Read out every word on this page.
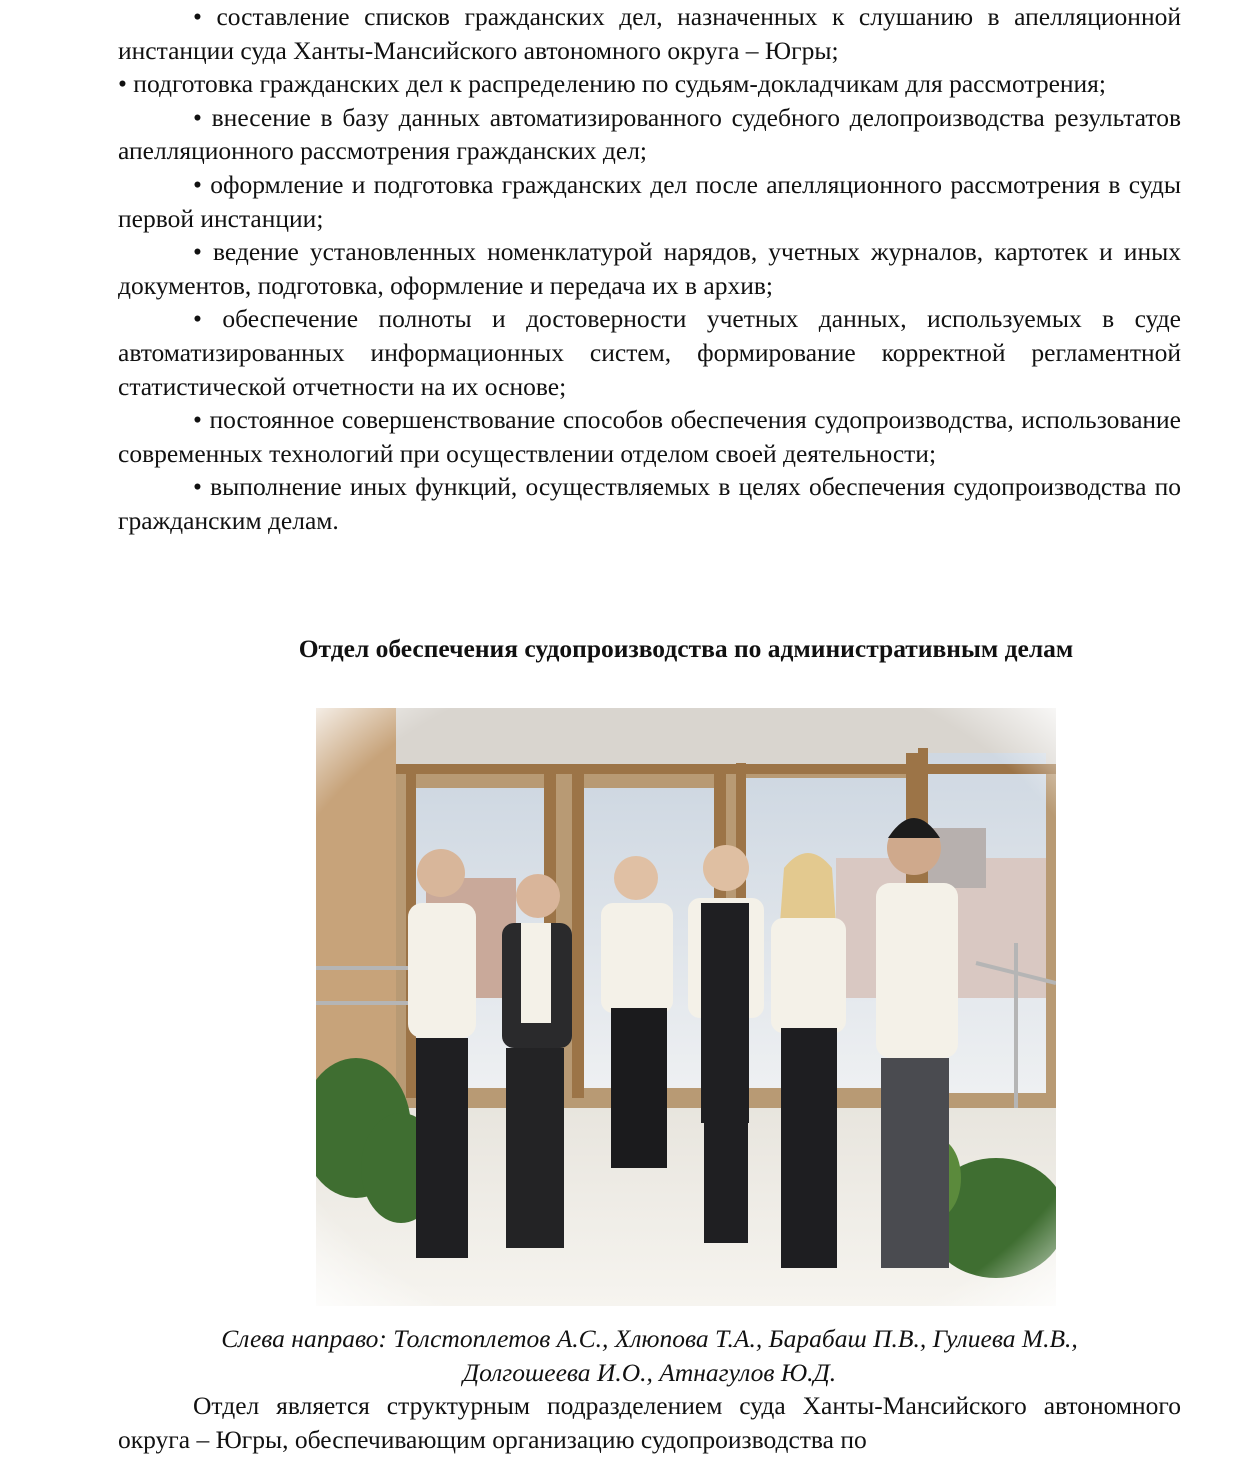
• составление списков гражданских дел, назначенных к слушанию в апелляционной инстанции суда Ханты-Мансийского автономного округа – Югры;

• подготовка гражданских дел к распределению по судьям-докладчикам для рассмотрения;

• внесение в базу данных автоматизированного судебного делопроизводства результатов апелляционного рассмотрения гражданских дел;

• оформление и подготовка гражданских дел после апелляционного рассмотрения в суды первой инстанции;

• ведение установленных номенклатурой нарядов, учетных журналов, картотек и иных документов, подготовка, оформление и передача их в архив;

• обеспечение полноты и достоверности учетных данных, используемых в суде автоматизированных информационных систем, формирование корректной регламентной статистической отчетности на их основе;

• постоянное совершенствование способов обеспечения судопроизводства, использование современных технологий при осуществлении отделом своей деятельности;

• выполнение иных функций, осуществляемых в целях обеспечения судопроизводства по гражданским делам.

Отдел обеспечения судопроизводства по административным делам

Слева направо: Толстоплетов А.С., Хлюпова Т.А., Барабаш П.В., Гулиева М.В.,
Долгошеева И.О., Атнагулов Ю.Д.

Отдел является структурным подразделением суда Ханты-Мансийского автономного округа – Югры, обеспечивающим организацию судопроизводства по
